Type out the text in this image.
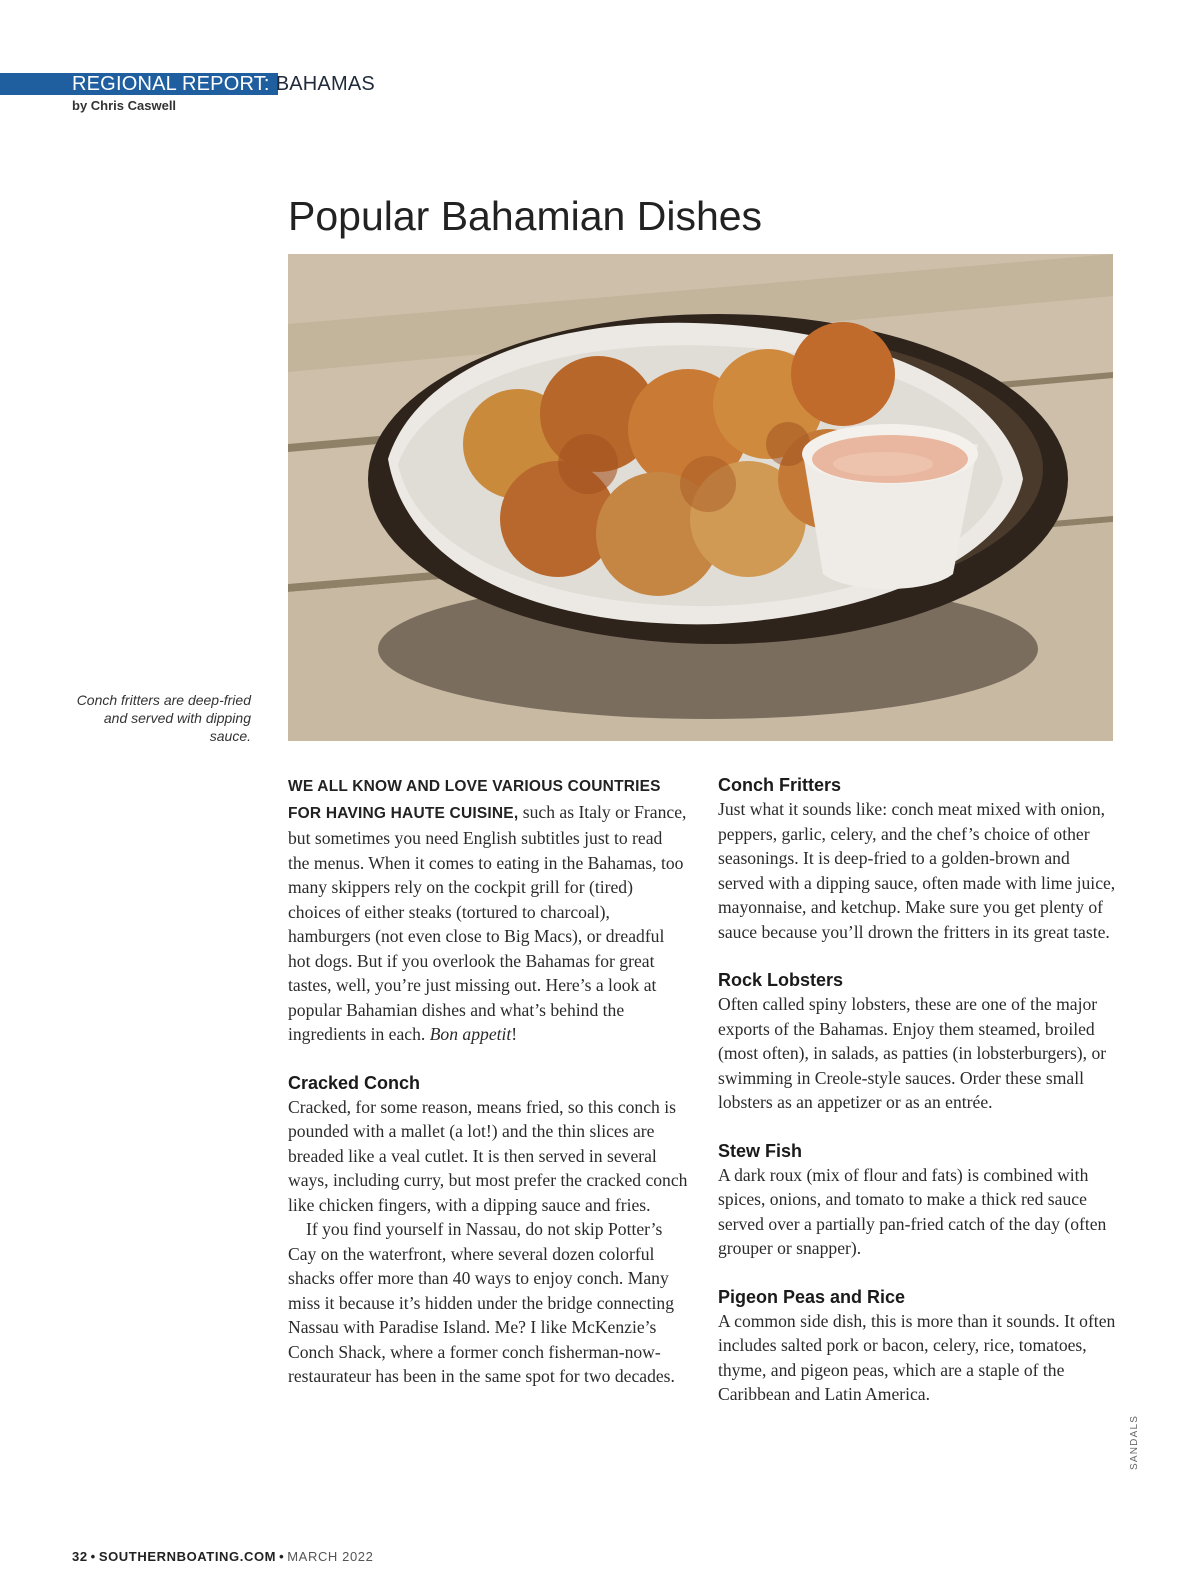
REGIONAL REPORT: BAHAMAS
by Chris Caswell
Popular Bahamian Dishes
Conch fritters are deep-fried and served with dipping sauce.

WE ALL KNOW AND LOVE VARIOUS COUNTRIES FOR HAVING HAUTE CUISINE, such as Italy or France, but sometimes you need English subtitles just to read the menus. When it comes to eating in the Bahamas, too many skippers rely on the cockpit grill for (tired) choices of either steaks (tortured to charcoal), hamburgers (not even close to Big Macs), or dreadful hot dogs. But if you overlook the Bahamas for great tastes, well, you’re just missing out. Here’s a look at popular Bahamian dishes and what’s behind the ingredients in each. Bon appetit!

Cracked Conch

Cracked, for some reason, means fried, so this conch is pounded with a mallet (a lot!) and the thin slices are breaded like a veal cutlet. It is then served in several ways, including curry, but most prefer the cracked conch like chicken fingers, with a dipping sauce and fries.

If you find yourself in Nassau, do not skip Potter’s Cay on the waterfront, where several dozen colorful shacks offer more than 40 ways to enjoy conch. Many miss it because it’s hidden under the bridge connecting Nassau with Paradise Island. Me? I like McKenzie’s Conch Shack, where a former conch fisherman-now-restaurateur has been in the same spot for two decades.

Conch Fritters

Just what it sounds like: conch meat mixed with onion, peppers, garlic, celery, and the chef’s choice of other seasonings. It is deep-fried to a golden-brown and served with a dipping sauce, often made with lime juice, mayonnaise, and ketchup. Make sure you get plenty of sauce because you’ll drown the fritters in its great taste.

Rock Lobsters

Often called spiny lobsters, these are one of the major exports of the Bahamas. Enjoy them steamed, broiled (most often), in salads, as patties (in lobsterburgers), or swimming in Creole-style sauces. Order these small lobsters as an appetizer or as an entrée.

Stew Fish

A dark roux (mix of flour and fats) is combined with spices, onions, and tomato to make a thick red sauce served over a partially pan-fried catch of the day (often grouper or snapper).

Pigeon Peas and Rice

A common side dish, this is more than it sounds. It often includes salted pork or bacon, celery, rice, tomatoes, thyme, and pigeon peas, which are a staple of the Caribbean and Latin America.

SANDALS
32 • SOUTHERNBOATING.COM • MARCH 2022
